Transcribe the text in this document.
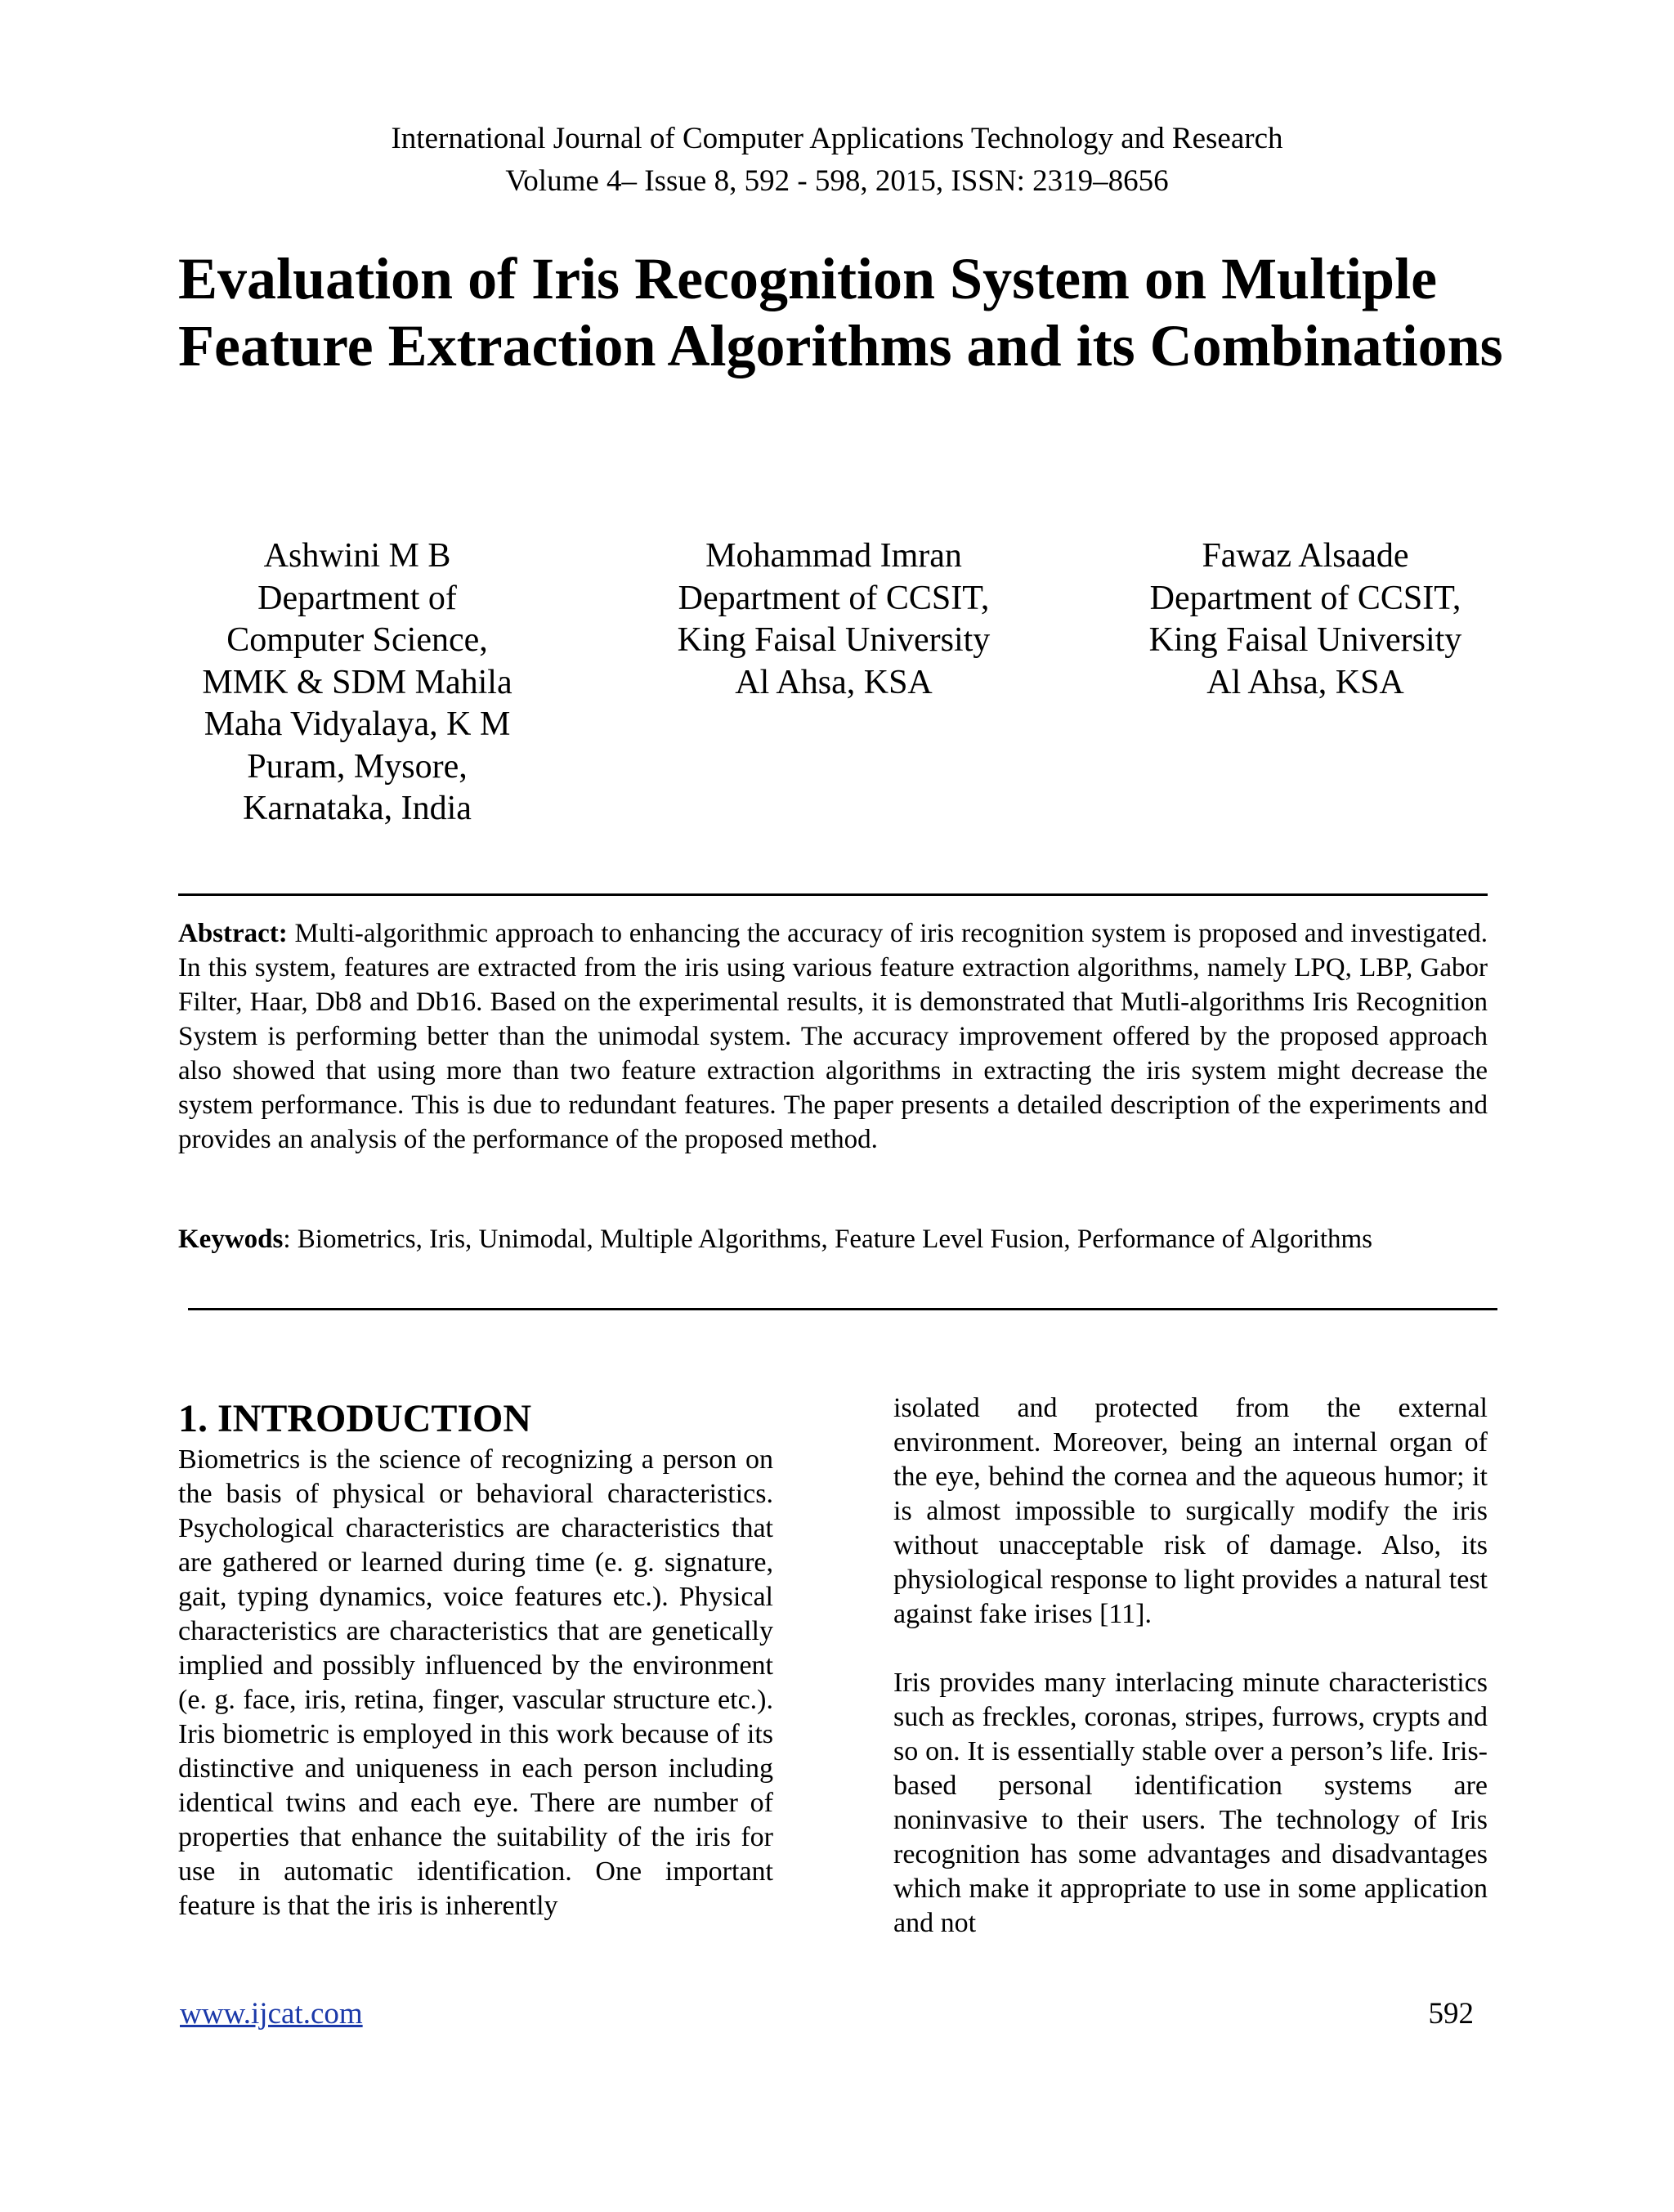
International Journal of Computer Applications Technology and Research
Volume 4– Issue 8, 592 - 598, 2015, ISSN: 2319–8656
Evaluation of Iris Recognition System on Multiple Feature Extraction Algorithms and its Combinations
Ashwini M B
Department of
Computer Science,
MMK & SDM Mahila
Maha Vidyalaya, K M
Puram, Mysore,
Karnataka, India
Mohammad Imran
Department of CCSIT,
King Faisal University
Al Ahsa, KSA
Fawaz Alsaade
Department of CCSIT,
King Faisal University
Al Ahsa, KSA
Abstract: Multi-algorithmic approach to enhancing the accuracy of iris recognition system is proposed and investigated. In this system, features are extracted from the iris using various feature extraction algorithms, namely LPQ, LBP, Gabor Filter, Haar, Db8 and Db16. Based on the experimental results, it is demonstrated that Mutli-algorithms Iris Recognition System is performing better than the unimodal system. The accuracy improvement offered by the proposed approach also showed that using more than two feature extraction algorithms in extracting the iris system might decrease the system performance. This is due to redundant features. The paper presents a detailed description of the experiments and provides an analysis of the performance of the proposed method.
Keywods: Biometrics, Iris, Unimodal, Multiple Algorithms, Feature Level Fusion, Performance of Algorithms
1. INTRODUCTION
Biometrics is the science of recognizing a person on the basis of physical or behavioral characteristics. Psychological characteristics are characteristics that are gathered or learned during time (e. g. signature, gait, typing dynamics, voice features etc.). Physical characteristics are characteristics that are genetically implied and possibly influenced by the environment (e. g. face, iris, retina, finger, vascular structure etc.). Iris biometric is employed in this work because of its distinctive and uniqueness in each person including identical twins and each eye. There are number of properties that enhance the suitability of the iris for use in automatic identification. One important feature is that the iris is inherently
isolated and protected from the external environment. Moreover, being an internal organ of the eye, behind the cornea and the aqueous humor; it is almost impossible to surgically modify the iris without unacceptable risk of damage. Also, its physiological response to light provides a natural test against fake irises [11].
Iris provides many interlacing minute characteristics such as freckles, coronas, stripes, furrows, crypts and so on. It is essentially stable over a person’s life. Iris-based personal identification systems are noninvasive to their users. The technology of Iris recognition has some advantages and disadvantages which make it appropriate to use in some application and not
www.ijcat.com	592
